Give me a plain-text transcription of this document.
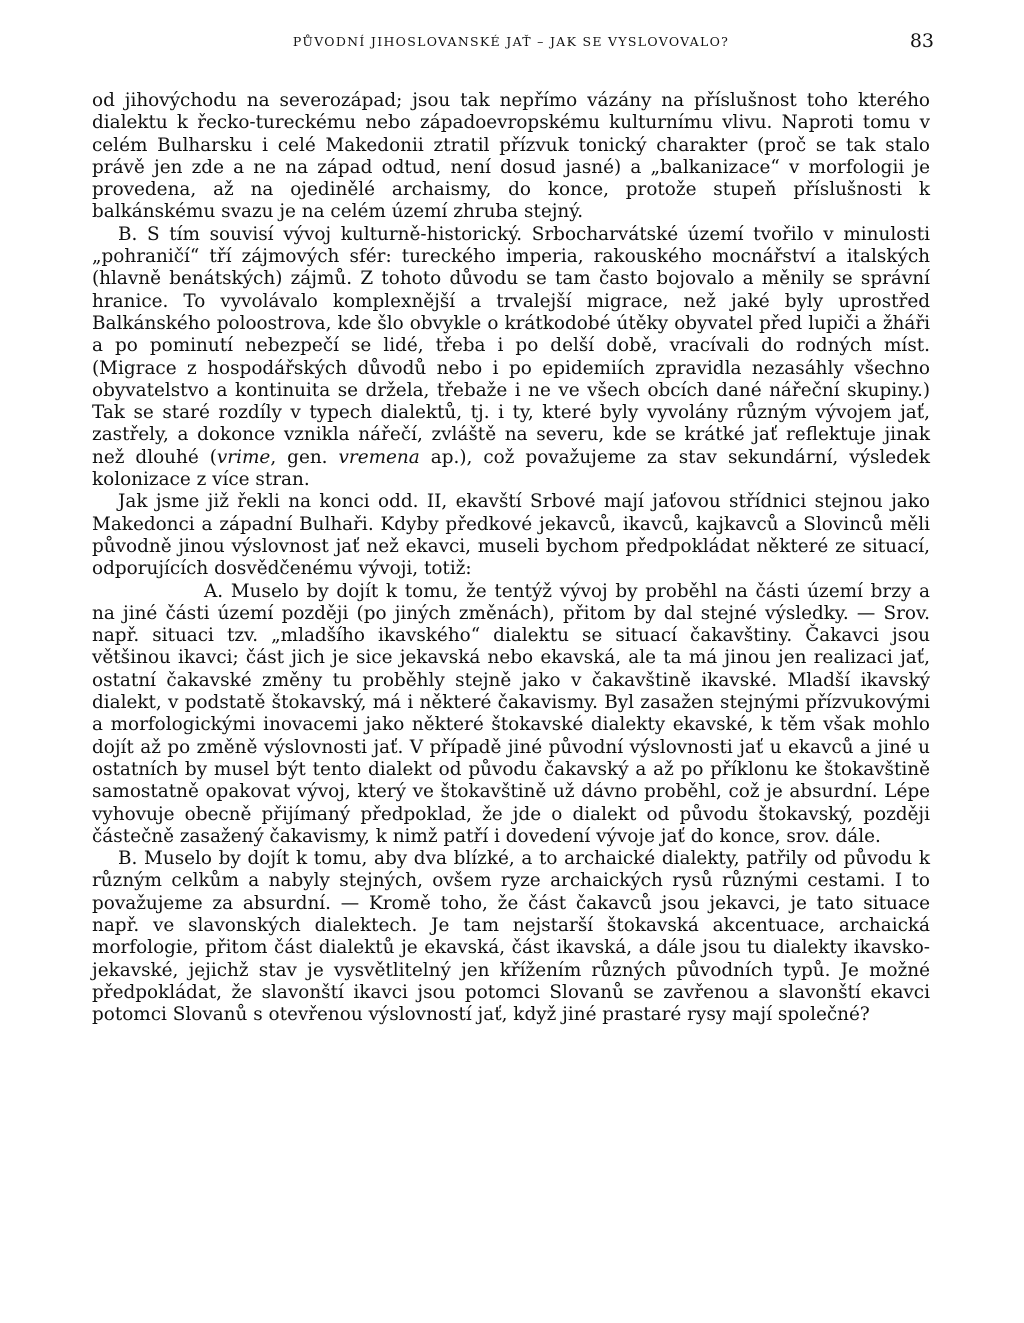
PŮVODNÍ JIHOSLOVANSKÉ JAŤ – JAK SE VYSLOVOVALO?	83

od jihovýchodu na severozápad; jsou tak nepřímo vázány na příslušnost toho kterého dialektu k řecko-tureckému nebo západoevropskému kulturnímu vlivu. Naproti tomu v celém Bulharsku i celé Makedonii ztratil přízvuk tonický charakter (proč se tak stalo právě jen zde a ne na západ odtud, není dosud jasné) a „balkanizace“ v morfologii je provedena, až na ojedinělé archaismy, do konce, protože stupeň příslušnosti k balkánskému svazu je na celém území zhruba stejný.

B. S tím souvisí vývoj kulturně-historický. Srbocharvátské území tvořilo v minulosti „pohraničí“ tří zájmových sfér: tureckého imperia, rakouského mocnářství a italských (hlavně benátských) zájmů. Z tohoto důvodu se tam často bojovalo a měnily se správní hranice. To vyvolávalo komplexnější a trvalejší migrace, než jaké byly uprostřed Balkánského poloostrova, kde šlo obvykle o krátkodobé útěky obyvatel před lupiči a žháři a po pominutí nebezpečí se lidé, třeba i po delší době, vracívali do rodných míst. (Migrace z hospodářských důvodů nebo i po epidemiích zpravidla nezasáhly všechno obyvatelstvo a kontinuita se držela, třebaže i ne ve všech obcích dané nářeční skupiny.) Tak se staré rozdíly v typech dialektů, tj. i ty, které byly vyvolány různým vývojem jať, zastřely, a dokonce vznikla nářečí, zvláště na severu, kde se krátké jať reflektuje jinak než dlouhé (vrime, gen. vremena ap.), což považujeme za stav sekundární, výsledek kolonizace z více stran.

Jak jsme již řekli na konci odd. II, ekavští Srbové mají jaťovou střídnici stejnou jako Makedonci a západní Bulhaři. Kdyby předkové jekavců, ikavců, kajkavců a Slovinců měli původně jinou výslovnost jať než ekavci, museli bychom předpokládat některé ze situací, odporujících dosvědčenému vývoji, totiž:

A. Muselo by dojít k tomu, že tentýž vývoj by proběhl na části území brzy a na jiné části území později (po jiných změnách), přitom by dal stejné výsledky. — Srov. např. situaci tzv. „mladšího ikavského“ dialektu se situací čakavštiny. Čakavci jsou většinou ikavci; část jich je sice jekavská nebo ekavská, ale ta má jinou jen realizaci jať, ostatní čakavské změny tu proběhly stejně jako v čakavštině ikavské. Mladší ikavský dialekt, v podstatě štokavský, má i některé čakavismy. Byl zasažen stejnými přízvukovými a morfologickými inovacemi jako některé štokavské dialekty ekavské, k těm však mohlo dojít až po změně výslovnosti jať. V případě jiné původní výslovnosti jať u ekavců a jiné u ostatních by musel být tento dialekt od původu čakavský a až po příklonu ke štokavštině samostatně opakovat vývoj, který ve štokavštině už dávno proběhl, což je absurdní. Lépe vyhovuje obecně přijímaný předpoklad, že jde o dialekt od původu štokavský, později částečně zasažený čakavismy, k nimž patří i dovedení vývoje jať do konce, srov. dále.

B. Muselo by dojít k tomu, aby dva blízké, a to archaické dialekty, patřily od původu k různým celkům a nabyly stejných, ovšem ryze archaických rysů různými cestami. I to považujeme za absurdní. — Kromě toho, že část čakavců jsou jekavci, je tato situace např. ve slavonských dialektech. Je tam nejstarší štokavská akcentuace, archaická morfologie, přitom část dialektů je ekavská, část ikavská, a dále jsou tu dialekty ikavsko-jekavské, jejichž stav je vysvětlitelný jen křížením různých původních typů. Je možné předpokládat, že slavonští ikavci jsou potomci Slovanů se zavřenou a slavonští ekavci potomci Slovanů s otevřenou výslovností jať, když jiné prastaré rysy mají společné?
